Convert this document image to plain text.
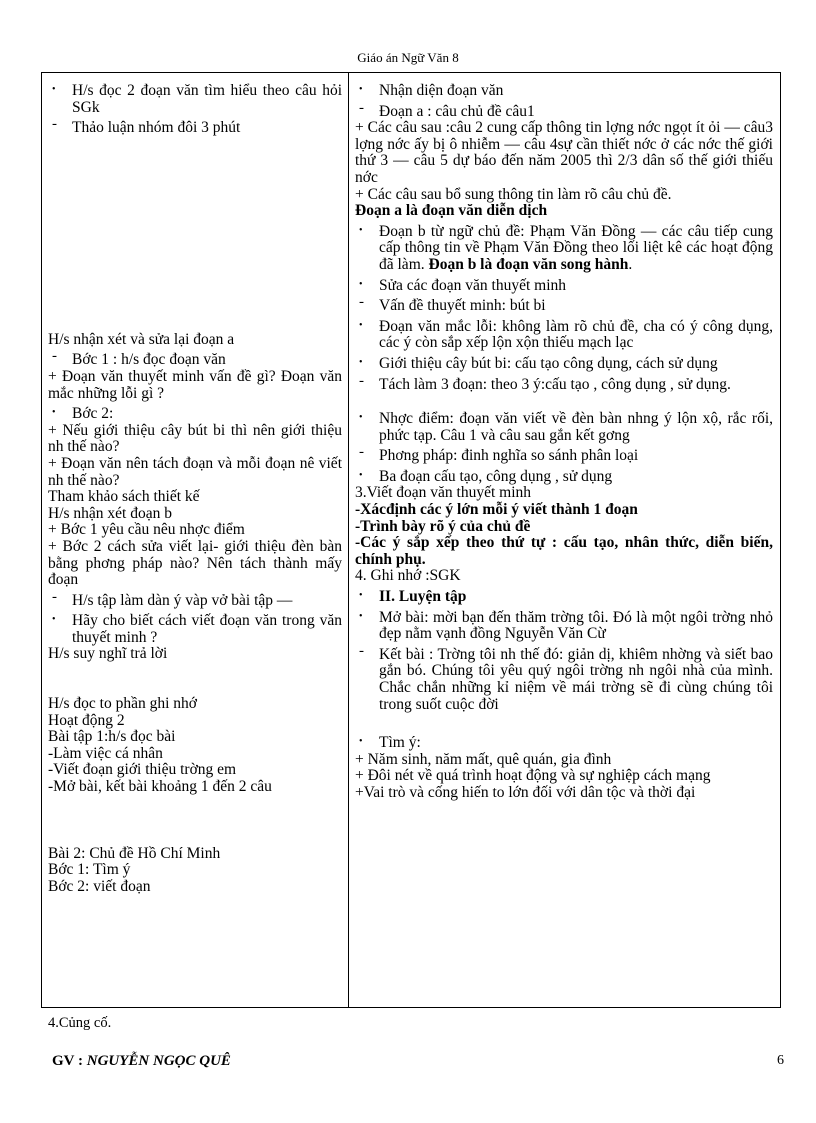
Giáo án Ngữ Văn 8
• H/s đọc 2 đoạn văn tìm hiểu theo câu hỏi SGk
- Thảo luận nhóm đôi 3 phút
H/s nhận xét và sửa lại đoạn a
- Bớc 1 : h/s đọc đoạn văn
+ Đoạn văn thuyết minh vấn đề gì? Đoạn văn mắc những lỗi gì ?
• Bớc 2:
+ Nếu giới thiệu cây bút bi thì nên giới thiệu nh thế nào?
+ Đoạn văn nên tách đoạn và mỗi đoạn nê viết nh thế nào?
Tham khảo sách thiết kế
H/s nhận xét đoạn b
+ Bớc 1 yêu cầu nêu nhợc điểm
+ Bớc 2 cách sửa viết lại- giới thiệu đèn bàn bằng phơng pháp nào? Nên tách thành mấy đoạn
- H/s tập làm dàn ý vàp vở bài tập —
• Hãy cho biết cách viết đoạn văn trong văn thuyết minh ?
H/s suy nghĩ trả lời
H/s đọc to phần ghi nhớ
Hoạt động 2
Bài tập 1:h/s đọc bài
-Làm việc cá nhân
-Viết đoạn giới thiệu trờng em
-Mở bài, kết bài khoảng 1 đến 2 câu
Bài 2: Chủ đề Hồ Chí Minh
Bớc 1: Tìm ý
Bớc 2: viết đoạn
• Nhận diện đoạn văn
- Đoạn a : câu chủ đề câu1
+ Các câu sau :câu 2 cung cấp thông tin lợng nớc ngọt ít ỏi — câu3 lợng nớc ấy bị ô nhiễm — câu 4sự cần thiết nớc ở các nớc thế giới thứ 3 — câu 5 dự báo đến năm 2005 thì 2/3 dân số thế giới thiếu nớc
+ Các câu sau bổ sung thông tin làm rõ câu chủ đề.
Đoạn a là đoạn văn diễn dịch
• Đoạn b từ ngữ chủ đề: Phạm Văn Đồng — các câu tiếp cung cấp thông tin về Phạm Văn Đồng theo lối liệt kê các hoạt động đã làm. Đoạn b là đoạn văn song hành.
• Sửa các đoạn văn thuyết minh
- Vấn đề thuyết minh: bút bi
• Đoạn văn mắc lỗi: không làm rõ chủ đề, cha có ý công dụng, các ý còn sắp xếp lộn xộn thiếu mạch lạc
• Giới thiệu cây bút bi: cấu tạo công dụng, cách sử dụng
- Tách làm 3 đoạn: theo 3 ý:cấu tạo , công dụng , sử dụng.
• Nhợc điểm: đoạn văn viết về đèn bàn nhng ý lộn xộ, rắc rối, phức tạp. Câu 1 và câu sau gắn kết gơng
- Phơng pháp: đinh nghĩa so sánh phân loại
• Ba đoạn cấu tạo, công dụng , sử dụng
3.Viết đoạn văn thuyết minh
-Xácđịnh các ý lớn mỗi ý viết thành 1 đoạn
-Trình bày rõ ý của chủ đề
-Các ý sắp xếp theo thứ tự : cấu tạo, nhân thức, diễn biến, chính phụ.
4. Ghi nhớ :SGK
• II. Luyện tập
• Mở bài: mời bạn đến thăm trờng tôi. Đó là một ngôi trờng nhỏ đẹp nằm vạnh đồng Nguyễn Văn Cừ
- Kết bài : Trờng tôi nh thế đó: giản dị, khiêm nhờng và siết bao gắn bó. Chúng tôi yêu quý ngôi trờng nh ngôi nhà của mình. Chắc chắn những kỉ niệm về mái trờng sẽ đi cùng chúng tôi trong suốt cuộc đời
• Tìm ý:
+ Năm sinh, năm mất, quê quán, gia đình
+ Đôi nét về quá trình hoạt động và sự nghiệp cách mạng
+Vai trò và cống hiến to lớn đối với dân tộc và thời đại
4.Củng cố.
GV : NGUYỄN NGỌC QUÊ	6
